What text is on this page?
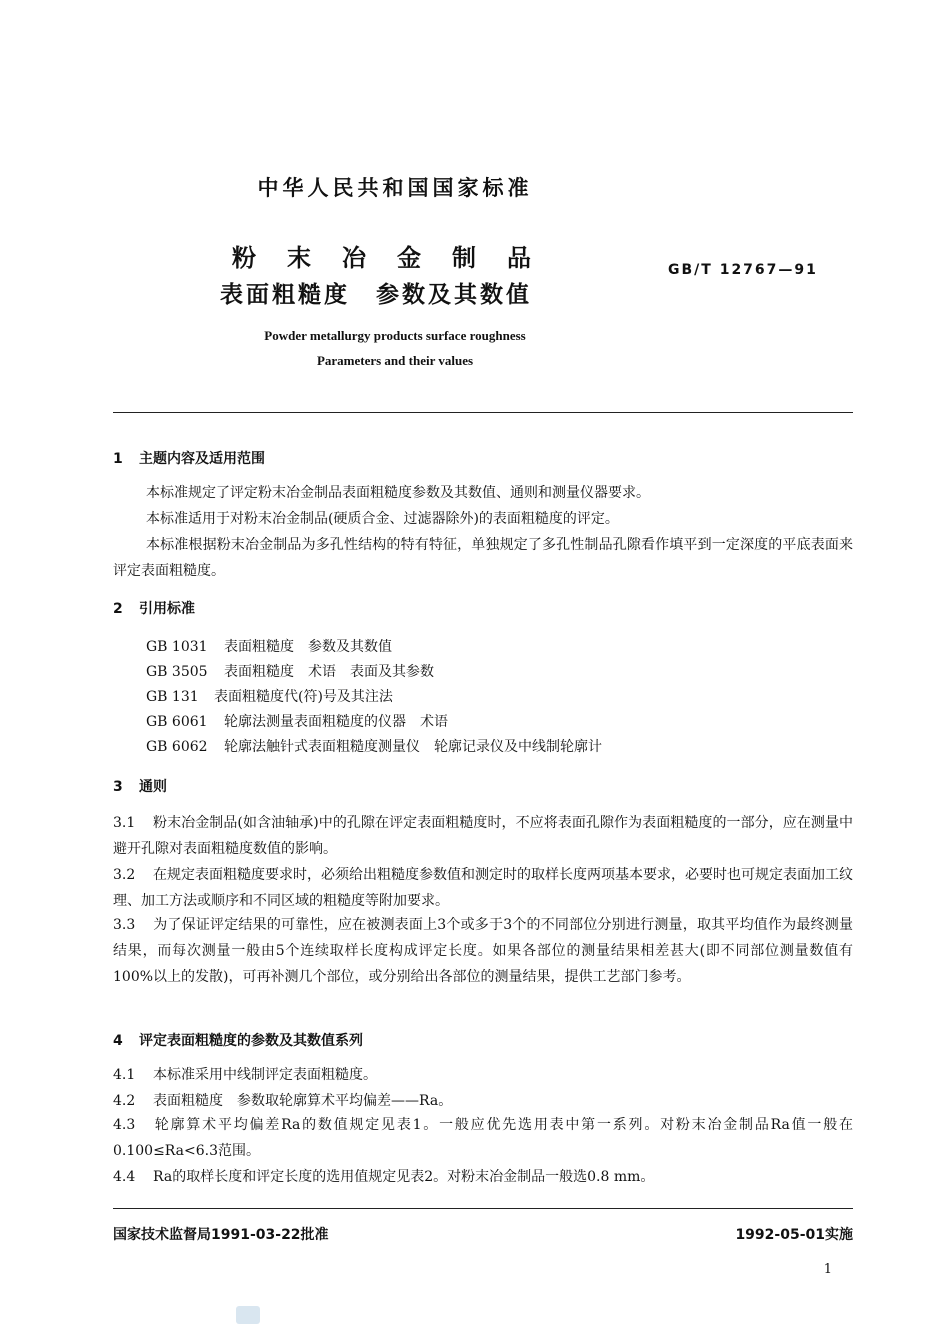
中华人民共和国国家标准
粉末冶金制品
表面粗糙度　参数及其数值
GB/T 12767—91
Powder metallurgy products surface roughness
Parameters and their values
1 主题内容及适用范围
本标准规定了评定粉末冶金制品表面粗糙度参数及其数值、通则和测量仪器要求。
本标准适用于对粉末冶金制品(硬质合金、过滤器除外)的表面粗糙度的评定。
本标准根据粉末冶金制品为多孔性结构的特有特征，单独规定了多孔性制品孔隙看作填平到一定深度的平底表面来评定表面粗糙度。
2 引用标准
GB 1031 表面粗糙度　参数及其数值
GB 3505 表面粗糙度　术语　表面及其参数
GB 131 表面粗糙度代(符)号及其注法
GB 6061 轮廓法测量表面粗糙度的仪器　术语
GB 6062 轮廓法触针式表面粗糙度测量仪　轮廓记录仪及中线制轮廓计
3 通则
3.1 粉末冶金制品(如含油轴承)中的孔隙在评定表面粗糙度时，不应将表面孔隙作为表面粗糙度的一部分，应在测量中避开孔隙对表面粗糙度数值的影响。
3.2 在规定表面粗糙度要求时，必须给出粗糙度参数值和测定时的取样长度两项基本要求，必要时也可规定表面加工纹理、加工方法或顺序和不同区域的粗糙度等附加要求。
3.3 为了保证评定结果的可靠性，应在被测表面上3个或多于3个的不同部位分别进行测量，取其平均值作为最终测量结果，而每次测量一般由5个连续取样长度构成评定长度。如果各部位的测量结果相差甚大(即不同部位测量数值有100%以上的发散)，可再补测几个部位，或分别给出各部位的测量结果，提供工艺部门参考。
4 评定表面粗糙度的参数及其数值系列
4.1 本标准采用中线制评定表面粗糙度。
4.2 表面粗糙度　参数取轮廓算术平均偏差——Ra。
4.3 轮廓算术平均偏差Ra的数值规定见表1。一般应优先选用表中第一系列。对粉末冶金制品Ra值一般在0.100≤Ra<6.3范围。
4.4 Ra的取样长度和评定长度的选用值规定见表2。对粉末冶金制品一般选0.8 mm。
国家技术监督局1991-03-22批准	1992-05-01实施
1
